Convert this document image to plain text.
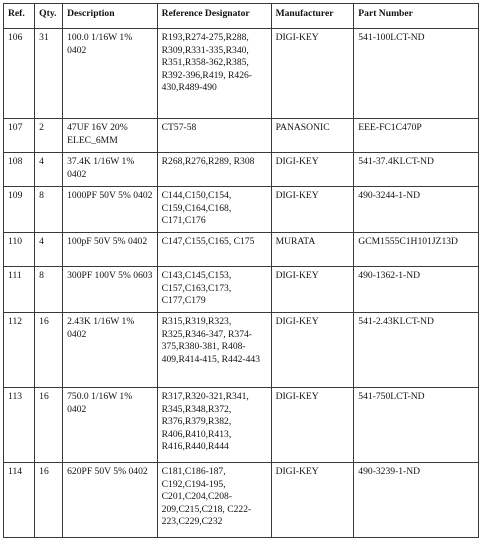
Ref.	Qty.	Description	Reference Designator	Manufacturer	Part Number
106	31	100.0 1/16W 1% 0402	R193,R274-275,R288, R309,R331-335,R340, R351,R358-362,R385, R392-396,R419, R426-430,R489-490	DIGI-KEY	541-100LCT-ND
107	2	47UF 16V 20% ELEC_6MM	CT57-58	PANASONIC	EEE-FC1C470P
108	4	37.4K 1/16W 1% 0402	R268,R276,R289, R308	DIGI-KEY	541-37.4KLCT-ND
109	8	1000PF 50V 5% 0402	C144,C150,C154, C159,C164,C168, C171,C176	DIGI-KEY	490-3244-1-ND
110	4	100pF 50V 5% 0402	C147,C155,C165, C175	MURATA	GCM1555C1H101JZ13D
111	8	300PF 100V 5% 0603	C143,C145,C153, C157,C163,C173, C177,C179	DIGI-KEY	490-1362-1-ND
112	16	2.43K 1/16W 1% 0402	R315,R319,R323, R325,R346-347, R374-375,R380-381, R408-409,R414-415, R442-443	DIGI-KEY	541-2.43KLCT-ND
113	16	750.0 1/16W 1% 0402	R317,R320-321,R341, R345,R348,R372, R376,R379,R382, R406,R410,R413, R416,R440,R444	DIGI-KEY	541-750LCT-ND
114	16	620PF 50V 5% 0402	C181,C186-187, C192,C194-195, C201,C204,C208- 209,C215,C218, C222-223,C229,C232	DIGI-KEY	490-3239-1-ND
